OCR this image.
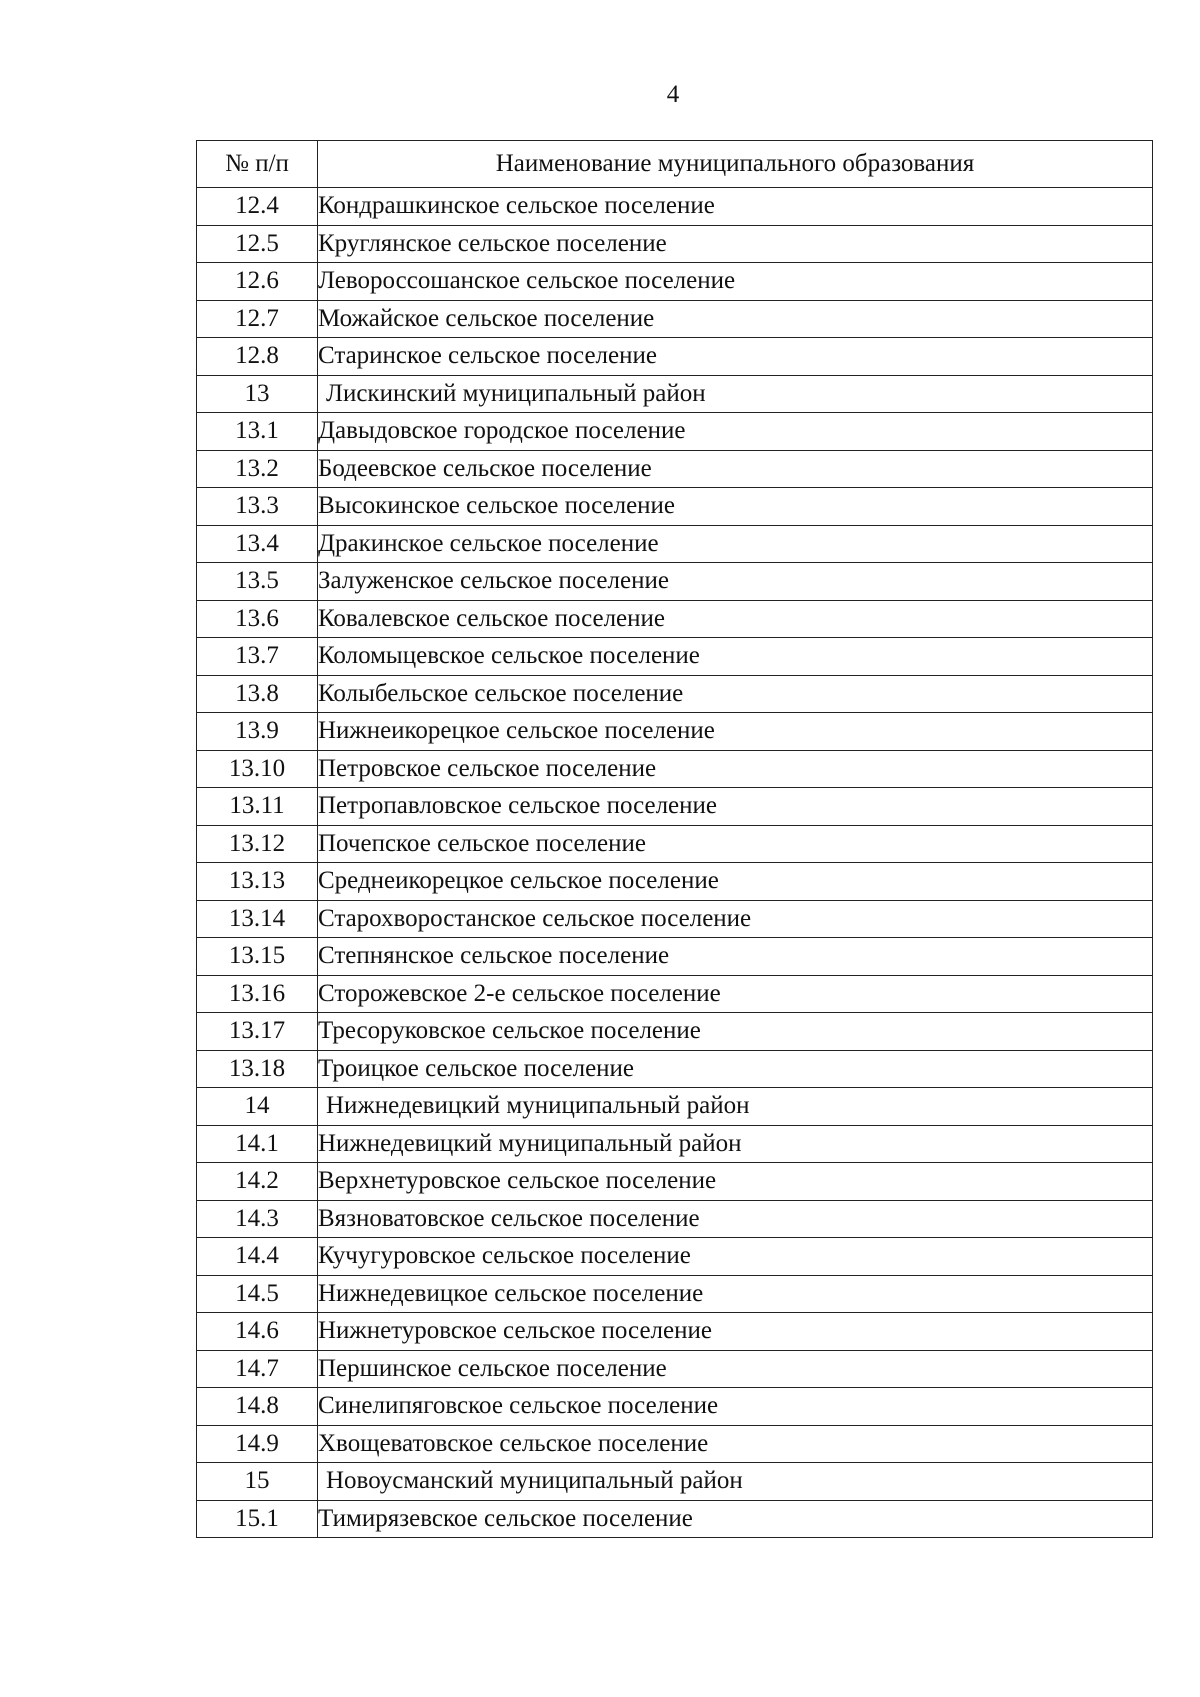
4
№ п/п	Наименование муниципального образования
12.4	Кондрашкинское сельское поселение
12.5	Круглянское сельское поселение
12.6	Левороссошанское сельское поселение
12.7	Можайское сельское поселение
12.8	Старинское сельское поселение
13	Лискинский муниципальный район
13.1	Давыдовское городское поселение
13.2	Бодеевское сельское поселение
13.3	Высокинское сельское поселение
13.4	Дракинское сельское поселение
13.5	Залуженское сельское поселение
13.6	Ковалевское сельское поселение
13.7	Коломыцевское сельское поселение
13.8	Колыбельское сельское поселение
13.9	Нижнеикорецкое сельское поселение
13.10	Петровское сельское поселение
13.11	Петропавловское сельское поселение
13.12	Почепское сельское поселение
13.13	Среднеикорецкое сельское поселение
13.14	Старохворостанское сельское поселение
13.15	Степнянское сельское поселение
13.16	Сторожевское 2-е сельское поселение
13.17	Тресоруковское сельское поселение
13.18	Троицкое сельское поселение
14	Нижнедевицкий муниципальный район
14.1	Нижнедевицкий муниципальный район
14.2	Верхнетуровское сельское поселение
14.3	Вязноватовское сельское поселение
14.4	Кучугуровское сельское поселение
14.5	Нижнедевицкое сельское поселение
14.6	Нижнетуровское сельское поселение
14.7	Першинское сельское поселение
14.8	Синелипяговское сельское поселение
14.9	Хвощеватовское сельское поселение
15	Новоусманский муниципальный район
15.1	Тимирязевское сельское поселение
